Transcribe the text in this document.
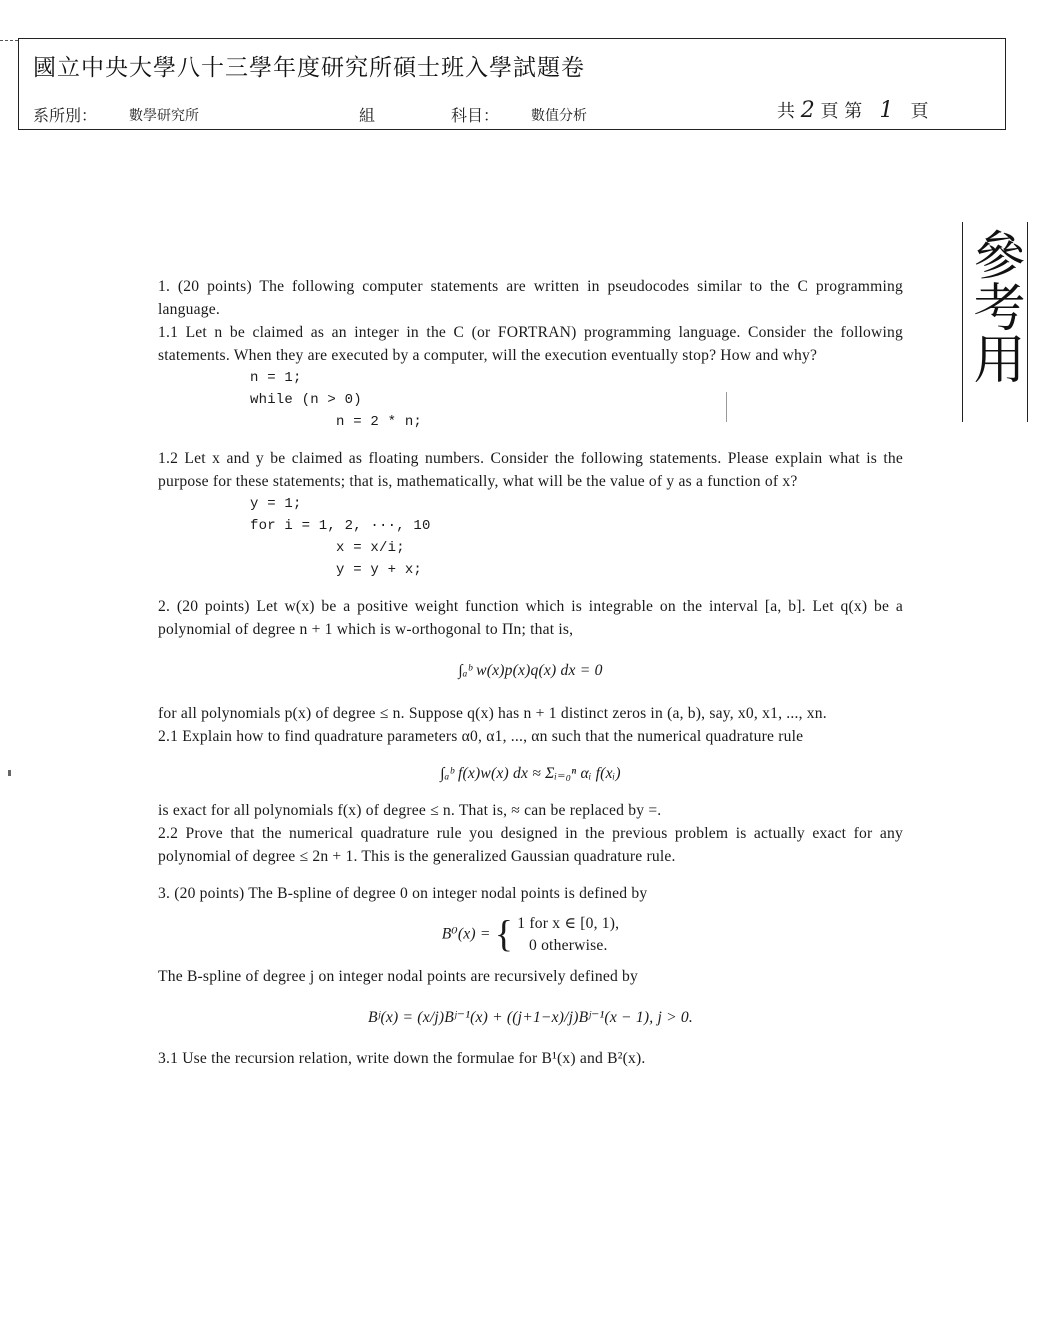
國立中央大學八十三學年度研究所碩士班入學試題卷
系所別： 數學研究所	組	科目： 數值分析	共 2 頁 第 1 頁
參考用

1. (20 points) The following computer statements are written in pseudocodes similar to the C programming language.

1.1 Let n be claimed as an integer in the C (or FORTRAN) programming language. Consider the following statements. When they are executed by a computer, will the execution eventually stop? How and why?

n = 1;
while (n > 0)
n = 2 * n;

1.2 Let x and y be claimed as floating numbers. Consider the following statements. Please explain what is the purpose for these statements; that is, mathematically, what will be the value of y as a function of x?

y = 1;
for i = 1, 2, ···, 10
x = x/i;
y = y + x;

2. (20 points) Let w(x) be a positive weight function which is integrable on the interval [a, b]. Let q(x) be a polynomial of degree n + 1 which is w-orthogonal to Πn; that is,

∫ₐᵇ w(x)p(x)q(x) dx = 0

for all polynomials p(x) of degree ≤ n. Suppose q(x) has n + 1 distinct zeros in (a, b), say, x0, x1, ..., xn.

2.1 Explain how to find quadrature parameters α0, α1, ..., αn such that the numerical quadrature rule

∫ₐᵇ f(x)w(x) dx ≈ Σᵢ₌₀ⁿ αᵢ f(xᵢ)

is exact for all polynomials f(x) of degree ≤ n. That is, ≈ can be replaced by =.

2.2 Prove that the numerical quadrature rule you designed in the previous problem is actually exact for any polynomial of degree ≤ 2n + 1. This is the generalized Gaussian quadrature rule.

3. (20 points) The B-spline of degree 0 on integer nodal points is defined by

B⁰(x) = { 1 for x ∈ [0, 1),
0 otherwise.

The B-spline of degree j on integer nodal points are recursively defined by

Bʲ(x) = (x/j)Bʲ⁻¹(x) + ((j+1−x)/j)Bʲ⁻¹(x − 1), j > 0.

3.1 Use the recursion relation, write down the formulae for B¹(x) and B²(x).
